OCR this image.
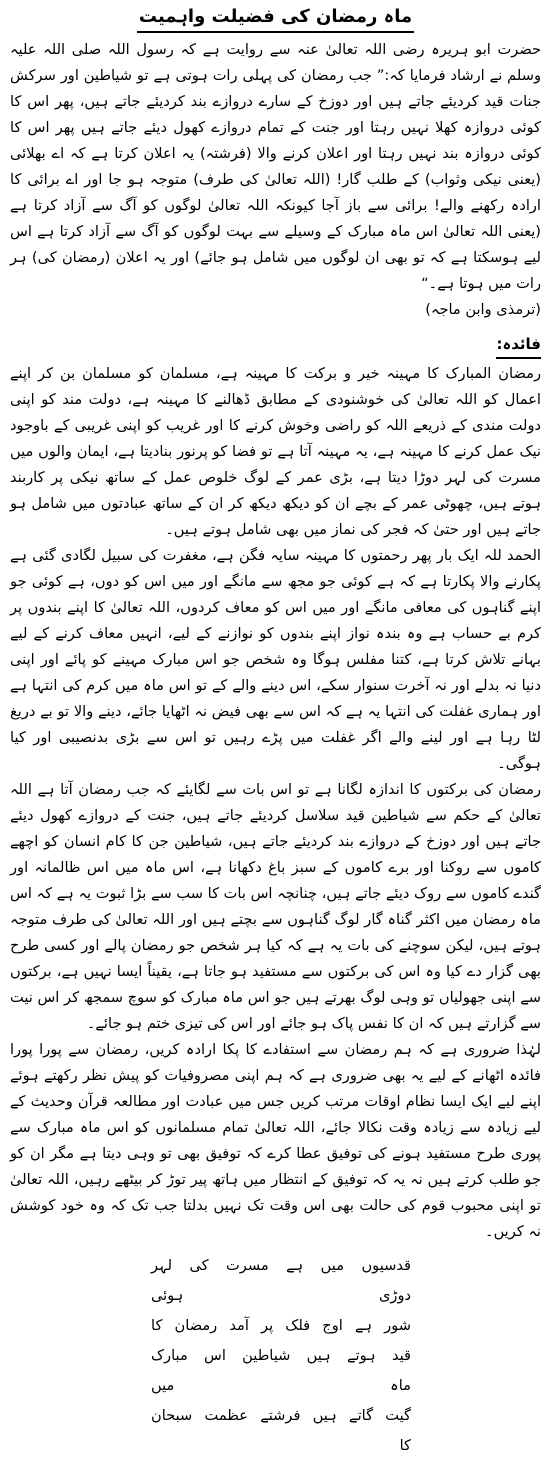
ماہ رمضان کی فضیلت واہمیت

حضرت ابو ہریرہ رضی اللہ تعالیٰ عنہ سے روایت ہے کہ رسول اللہ صلی اللہ علیہ وسلم نے ارشاد فرمایا کہ:” جب رمضان کی پہلی رات ہوتی ہے تو شیاطین اور سرکش جنات قید کردیئے جاتے ہیں اور دوزخ کے سارے دروازے بند کردیئے جاتے ہیں، پھر اس کا کوئی دروازہ کھلا نہیں رہتا اور جنت کے تمام دروازے کھول دیئے جاتے ہیں پھر اس کا کوئی دروازہ بند نہیں رہتا اور اعلان کرنے والا (فرشتہ) یہ اعلان کرتا ہے کہ اے بھلائی (یعنی نیکی وثواب) کے طلب گار! (اللہ تعالیٰ کی طرف) متوجہ ہو جا اور اے برائی کا ارادہ رکھنے والے! برائی سے باز آجا کیونکہ اللہ تعالیٰ لوگوں کو آگ سے آزاد کرتا ہے (یعنی اللہ تعالیٰ اس ماہ مبارک کے وسیلے سے بہت لوگوں کو آگ سے آزاد کرتا ہے اس لیے ہوسکتا ہے کہ تو بھی ان لوگوں میں شامل ہو جائے) اور یہ اعلان (رمضان کی) ہر رات میں ہوتا ہے۔“

(ترمذی وابن ماجہ)

فائدہ:

رمضان المبارک کا مہینہ خیر و برکت کا مہینہ ہے، مسلمان کو مسلمان بن کر اپنے اعمال کو اللہ تعالیٰ کی خوشنودی کے مطابق ڈھالنے کا مہینہ ہے، دولت مند کو اپنی دولت مندی کے ذریعے اللہ کو راضی وخوش کرنے کا اور غریب کو اپنی غریبی کے باوجود نیک عمل کرنے کا مہینہ ہے، یہ مہینہ آتا ہے تو فضا کو پرنور بنادیتا ہے، ایمان والوں میں مسرت کی لہر دوڑا دیتا ہے، بڑی عمر کے لوگ خلوص عمل کے ساتھ نیکی پر کاربند ہوتے ہیں، چھوٹی عمر کے بچے ان کو دیکھ دیکھ کر ان کے ساتھ عبادتوں میں شامل ہو جاتے ہیں اور حتیٰ کہ فجر کی نماز میں بھی شامل ہوتے ہیں۔

الحمد للہ ایک بار پھر رحمتوں کا مہینہ سایہ فگن ہے، مغفرت کی سبیل لگادی گئی ہے پکارنے والا پکارتا ہے کہ ہے کوئی جو مجھ سے مانگے اور میں اس کو دوں، ہے کوئی جو اپنے گناہوں کی معافی مانگے اور میں اس کو معاف کردوں، اللہ تعالیٰ کا اپنے بندوں پر کرم بے حساب ہے وہ بندہ نواز اپنے بندوں کو نوازنے کے لیے، انہیں معاف کرنے کے لیے بہانے تلاش کرتا ہے، کتنا مفلس ہوگا وہ شخص جو اس مبارک مہینے کو پائے اور اپنی دنیا نہ بدلے اور نہ آخرت سنوار سکے، اس دینے والے کے تو اس ماہ میں کرم کی انتہا ہے اور ہماری غفلت کی انتہا یہ ہے کہ اس سے بھی فیض نہ اٹھایا جائے، دینے والا تو بے دریغ لٹا رہا ہے اور لینے والے اگر غفلت میں پڑے رہیں تو اس سے بڑی بدنصیبی اور کیا ہوگی۔

رمضان کی برکتوں کا اندازہ لگانا ہے تو اس بات سے لگایئے کہ جب رمضان آتا ہے اللہ تعالیٰ کے حکم سے شیاطین قید سلاسل کردیئے جاتے ہیں، جنت کے دروازے کھول دیئے جاتے ہیں اور دوزخ کے دروازے بند کردیئے جاتے ہیں، شیاطین جن کا کام انسان کو اچھے کاموں سے روکنا اور برے کاموں کے سبز باغ دکھانا ہے، اس ماہ میں اس ظالمانہ اور گندے کاموں سے روک دیئے جاتے ہیں، چنانچہ اس بات کا سب سے بڑا ثبوت یہ ہے کہ اس ماہ رمضان میں اکثر گناہ گار لوگ گناہوں سے بچتے ہیں اور اللہ تعالیٰ کی طرف متوجہ ہوتے ہیں، لیکن سوچنے کی بات یہ ہے کہ کیا ہر شخص جو رمضان پالے اور کسی طرح بھی گزار دے کیا وہ اس کی برکتوں سے مستفید ہو جاتا ہے، یقیناً ایسا نہیں ہے، برکتوں سے اپنی جھولیاں تو وہی لوگ بھرتے ہیں جو اس ماہ مبارک کو سوچ سمجھ کر اس نیت سے گزارتے ہیں کہ ان کا نفس پاک ہو جائے اور اس کی تیزی ختم ہو جائے۔

لہٰذا ضروری ہے کہ ہم رمضان سے استفادے کا پکا ارادہ کریں، رمضان سے پورا پورا فائدہ اٹھانے کے لیے یہ بھی ضروری ہے کہ ہم اپنی مصروفیات کو پیش نظر رکھتے ہوئے اپنے لیے ایک ایسا نظام اوقات مرتب کریں جس میں عبادت اور مطالعہ قرآن وحدیث کے لیے زیادہ سے زیادہ وقت نکالا جائے، اللہ تعالیٰ تمام مسلمانوں کو اس ماہ مبارک سے پوری طرح مستفید ہونے کی توفیق عطا کرے کہ توفیق بھی تو وہی دیتا ہے مگر ان کو جو طلب کرتے ہیں نہ یہ کہ توفیق کے انتظار میں ہاتھ پیر توڑ کر بیٹھے رہیں، اللہ تعالیٰ تو اپنی محبوب قوم کی حالت بھی اس وقت تک نہیں بدلتا جب تک کہ وہ خود کوشش نہ کریں۔

قدسیوں میں ہے مسرت کی لہر دوڑی ہوئی
شور ہے اوج فلک پر آمد رمضان کا
قید ہوتے ہیں شیاطین اس مبارک ماہ میں
گیت گاتے ہیں فرشتے عظمت سبحان کا
